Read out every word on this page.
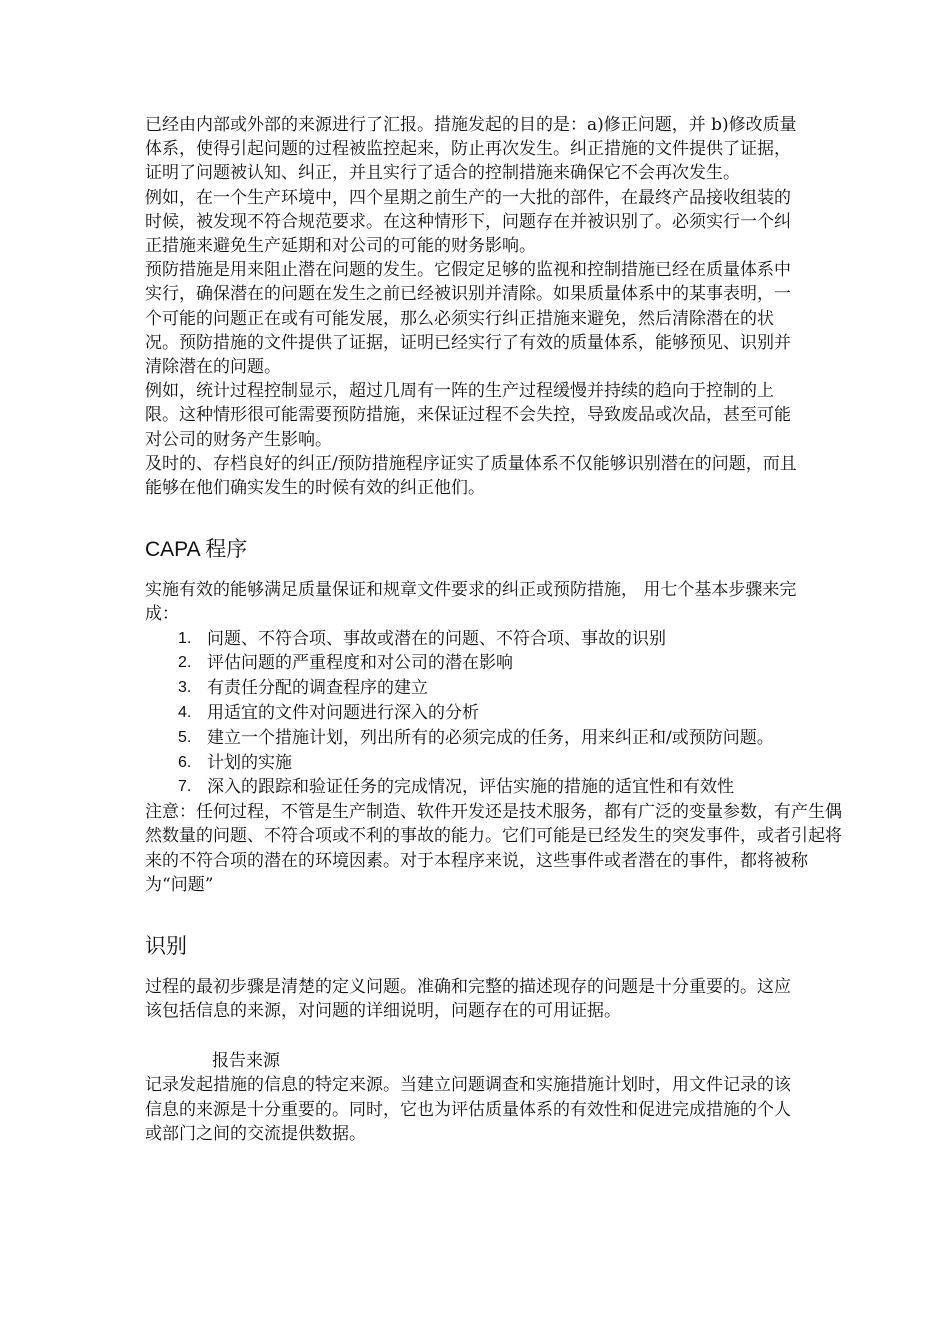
已经由内部或外部的来源进行了汇报。措施发起的目的是：a)修正问题，并 b)修改质量体系，使得引起问题的过程被监控起来，防止再次发生。纠正措施的文件提供了证据，证明了问题被认知、纠正，并且实行了适合的控制措施来确保它不会再次发生。

例如，在一个生产环境中，四个星期之前生产的一大批的部件，在最终产品接收组装的时候，被发现不符合规范要求。在这种情形下，问题存在并被识别了。必须实行一个纠正措施来避免生产延期和对公司的可能的财务影响。

预防措施是用来阻止潜在问题的发生。它假定足够的监视和控制措施已经在质量体系中实行，确保潜在的问题在发生之前已经被识别并清除。如果质量体系中的某事表明，一个可能的问题正在或有可能发展，那么必须实行纠正措施来避免，然后清除潜在的状况。预防措施的文件提供了证据，证明已经实行了有效的质量体系，能够预见、识别并清除潜在的问题。

例如，统计过程控制显示，超过几周有一阵的生产过程缓慢并持续的趋向于控制的上限。这种情形很可能需要预防措施，来保证过程不会失控，导致废品或次品，甚至可能对公司的财务产生影响。

及时的、存档良好的纠正/预防措施程序证实了质量体系不仅能够识别潜在的问题，而且能够在他们确实发生的时候有效的纠正他们。

CAPA 程序

实施有效的能够满足质量保证和规章文件要求的纠正或预防措施， 用七个基本步骤来完成：

1. 问题、不符合项、事故或潜在的问题、不符合项、事故的识别
2. 评估问题的严重程度和对公司的潜在影响
3. 有责任分配的调查程序的建立
4. 用适宜的文件对问题进行深入的分析
5. 建立一个措施计划，列出所有的必须完成的任务，用来纠正和/或预防问题。
6. 计划的实施
7. 深入的跟踪和验证任务的完成情况，评估实施的措施的适宜性和有效性

注意：任何过程，不管是生产制造、软件开发还是技术服务，都有广泛的变量参数，有产生偶然数量的问题、不符合项或不利的事故的能力。它们可能是已经发生的突发事件，或者引起将来的不符合项的潜在的环境因素。对于本程序来说，这些事件或者潜在的事件，都将被称为“问题”

识别

过程的最初步骤是清楚的定义问题。准确和完整的描述现存的问题是十分重要的。这应该包括信息的来源，对问题的详细说明，问题存在的可用证据。

报告来源

记录发起措施的信息的特定来源。当建立问题调查和实施措施计划时，用文件记录的该信息的来源是十分重要的。同时，它也为评估质量体系的有效性和促进完成措施的个人或部门之间的交流提供数据。
